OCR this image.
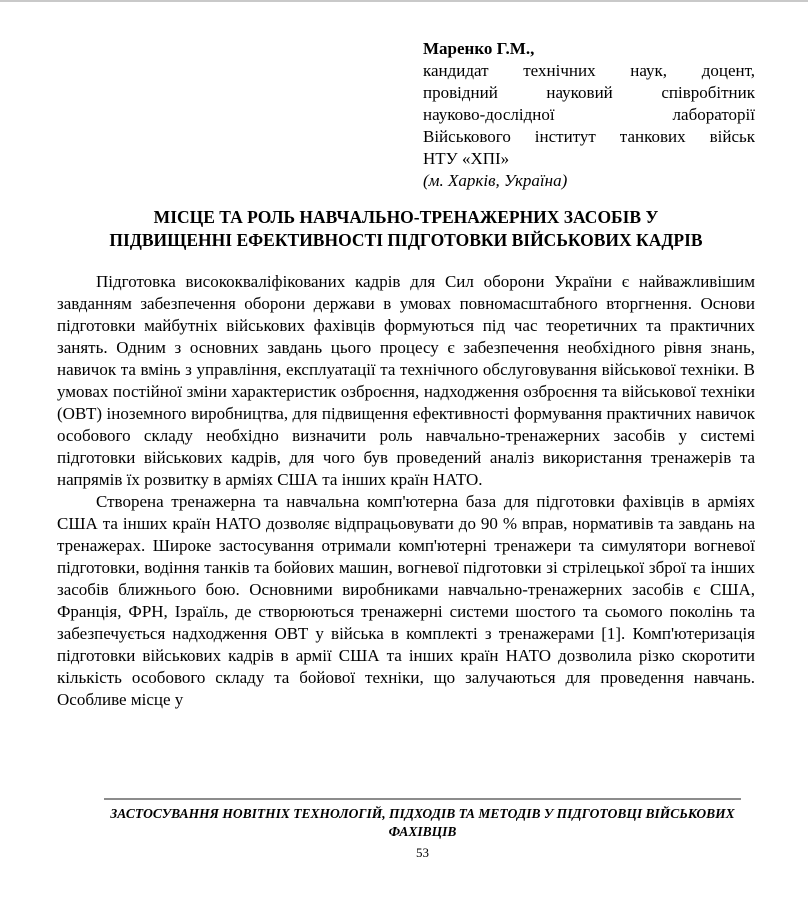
Маренко Г.М.,
кандидат технічних наук, доцент,
провідний науковий співробітник
науково-дослідної лабораторії
Військового інститут танкових військ
НТУ «ХПІ»
(м. Харків, Україна)
МІСЦЕ ТА РОЛЬ НАВЧАЛЬНО-ТРЕНАЖЕРНИХ ЗАСОБІВ У
ПІДВИЩЕННІ ЕФЕКТИВНОСТІ ПІДГОТОВКИ ВІЙСЬКОВИХ КАДРІВ

Підготовка висококваліфікованих кадрів для Сил оборони України є найважливішим завданням забезпечення оборони держави в умовах повномасштабного вторгнення. Основи підготовки майбутніх військових фахівців формуються під час теоретичних та практичних занять. Одним з основних завдань цього процесу є забезпечення необхідного рівня знань, навичок та вмінь з управління, експлуатації та технічного обслуговування військової техніки. В умовах постійної зміни характеристик озброєння, надходження озброєння та військової техніки (ОВТ) іноземного виробництва, для підвищення ефективності формування практичних навичок особового складу необхідно визначити роль навчально-тренажерних засобів у системі підготовки військових кадрів, для чого був проведений аналіз використання тренажерів та напрямів їх розвитку в арміях США та інших країн НАТО.

Створена тренажерна та навчальна комп'ютерна база для підготовки фахівців в арміях США та інших країн НАТО дозволяє відпрацьовувати до 90 % вправ, нормативів та завдань на тренажерах. Широке застосування отримали комп'ютерні тренажери та симулятори вогневої підготовки, водіння танків та бойових машин, вогневої підготовки зі стрілецької зброї та інших засобів ближнього бою. Основними виробниками навчально-тренажерних засобів є США, Франція, ФРН, Ізраїль, де створюються тренажерні системи шостого та сьомого поколінь та забезпечується надходження ОВТ у війська в комплекті з тренажерами [1]. Комп'ютеризація підготовки військових кадрів в армії США та інших країн НАТО дозволила різко скоротити кількість особового складу та бойової техніки, що залучаються для проведення навчань. Особливе місце у

ЗАСТОСУВАННЯ НОВІТНІХ ТЕХНОЛОГІЙ, ПІДХОДІВ ТА МЕТОДІВ У ПІДГОТОВЦІ ВІЙСЬКОВИХ ФАХІВЦІВ
53
